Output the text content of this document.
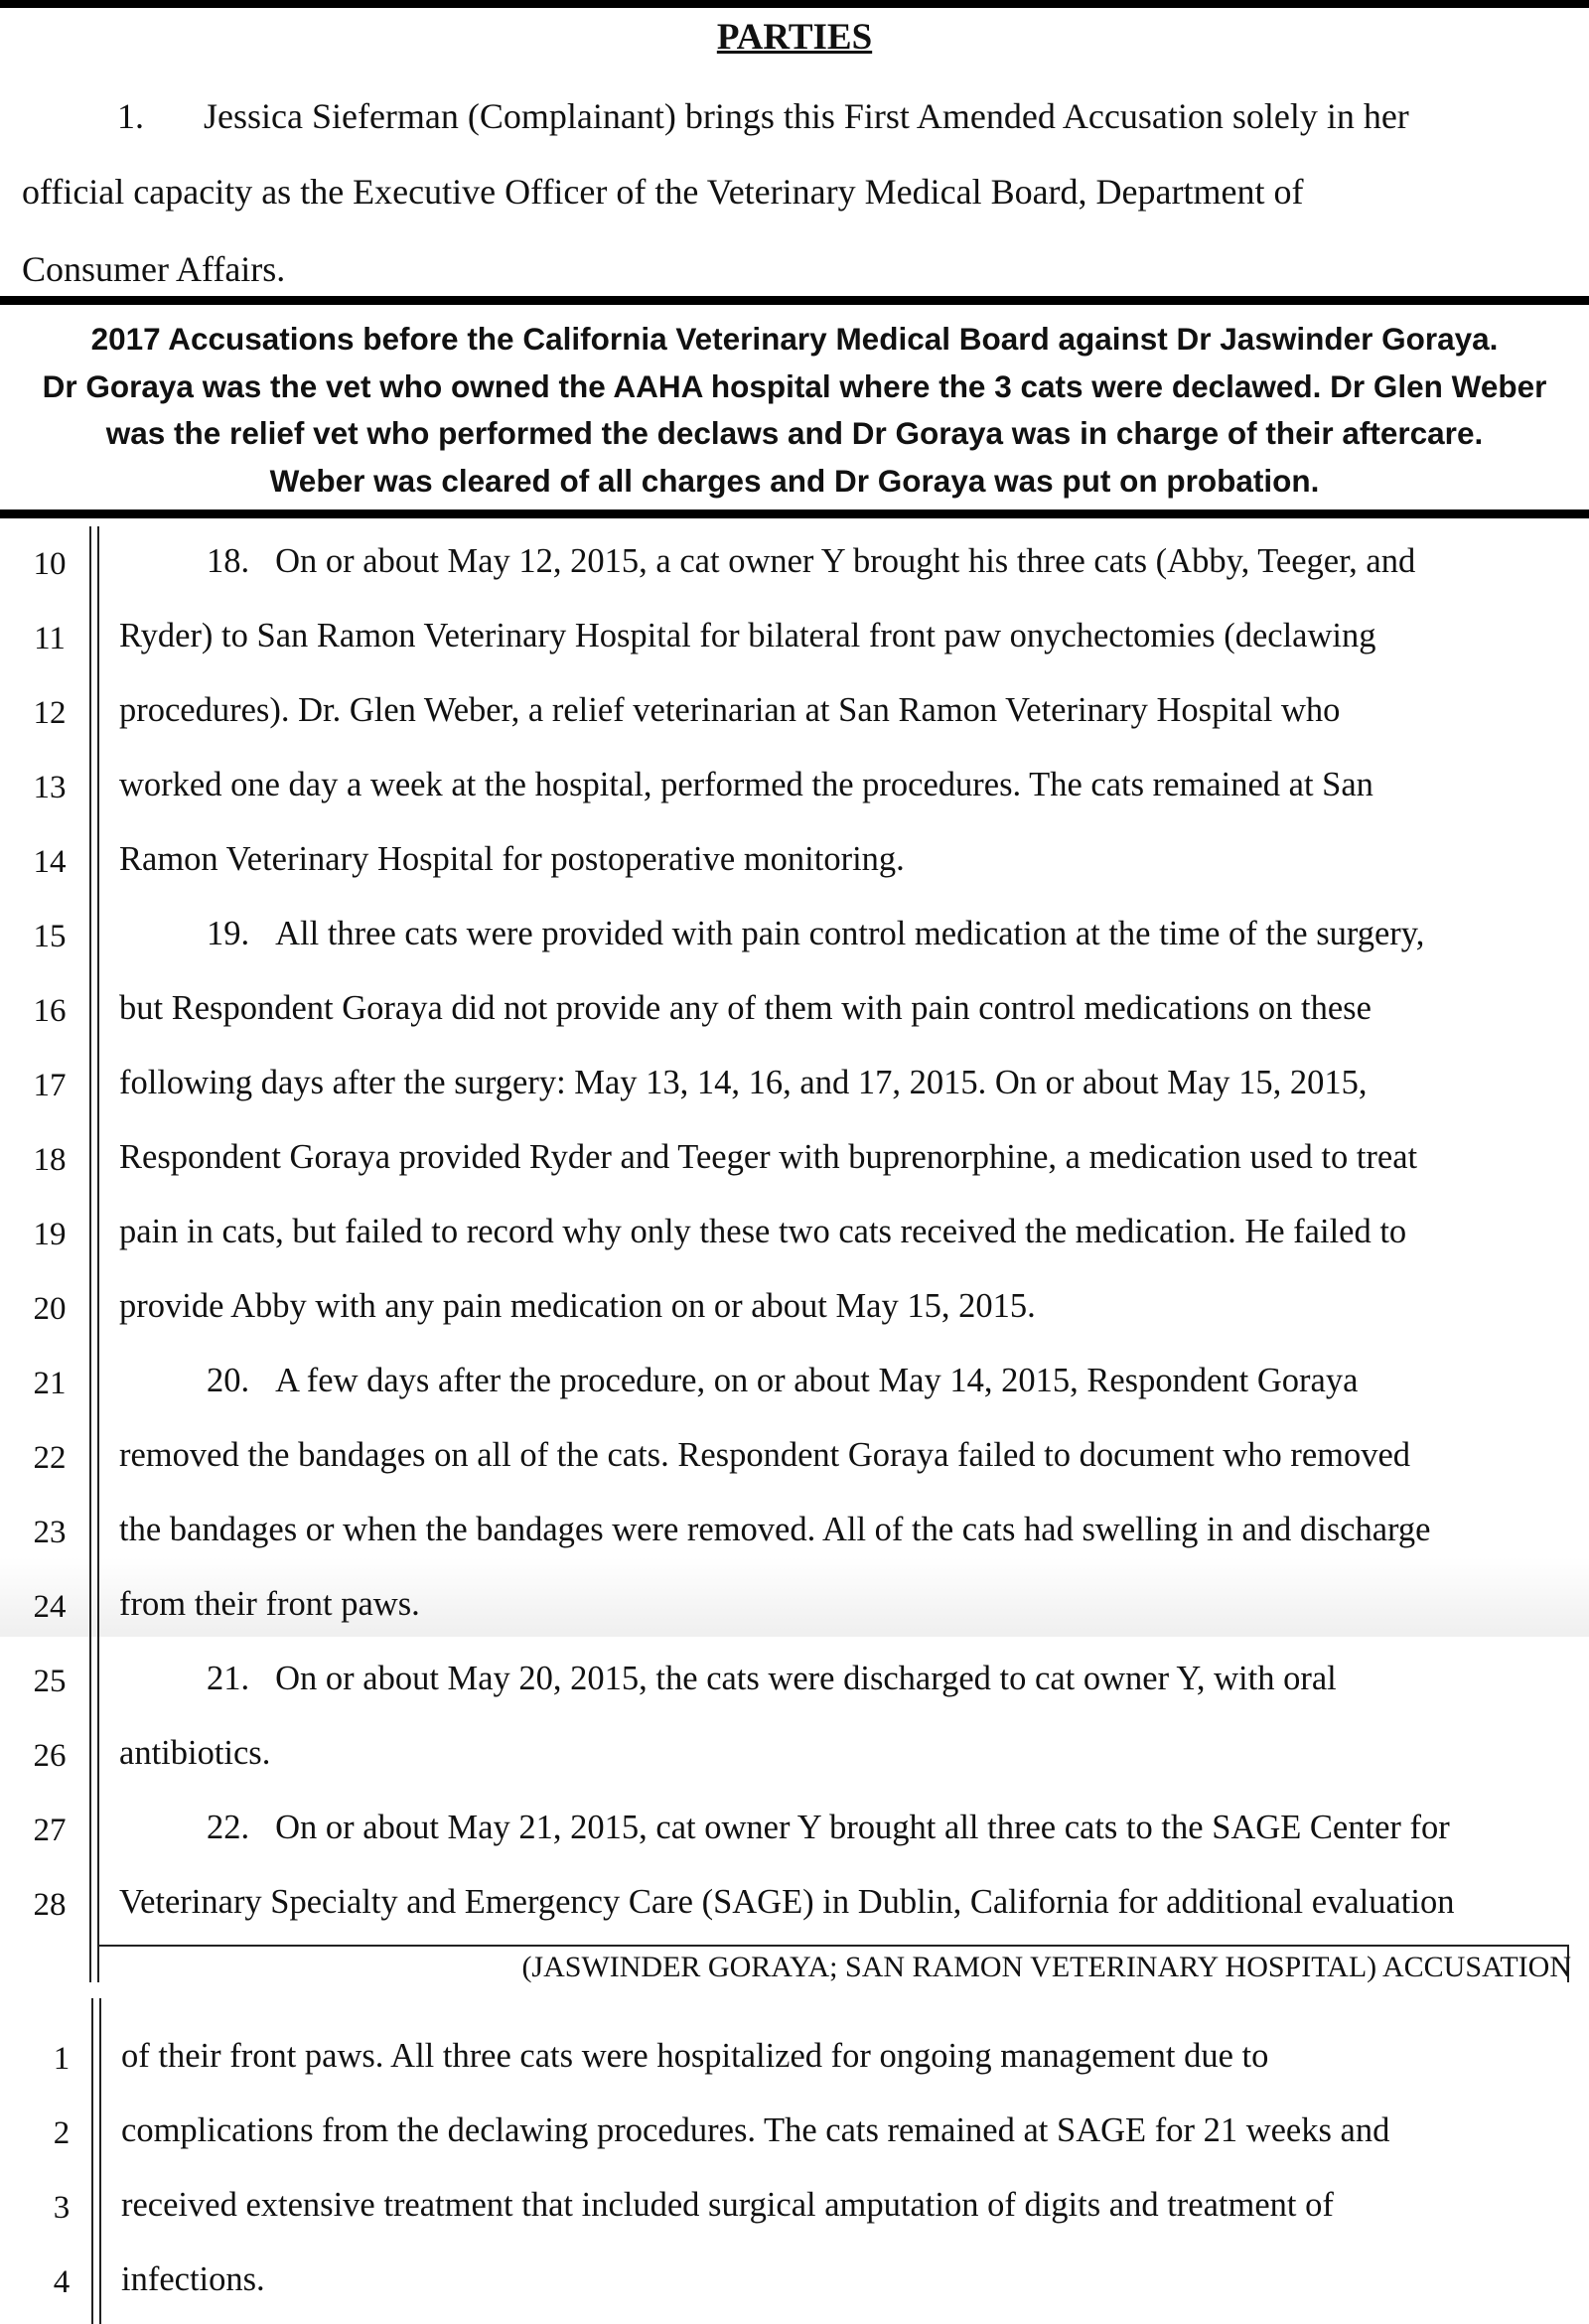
PARTIES
1. Jessica Sieferman (Complainant) brings this First Amended Accusation solely in her
official capacity as the Executive Officer of the Veterinary Medical Board, Department of
Consumer Affairs.
2017 Accusations before the California Veterinary Medical Board against Dr Jaswinder Goraya.
Dr Goraya was the vet who owned the AAHA hospital where the 3 cats were declawed. Dr Glen Weber
was the relief vet who performed the declaws and Dr Goraya was in charge of their aftercare.
Weber was cleared of all charges and Dr Goraya was put on probation.
(JASWINDER GORAYA; SAN RAMON VETERINARY HOSPITAL) ACCUSATION
10	18. On or about May 12, 2015, a cat owner Y brought his three cats (Abby, Teeger, and
11	Ryder) to San Ramon Veterinary Hospital for bilateral front paw onychectomies (declawing
12	procedures). Dr. Glen Weber, a relief veterinarian at San Ramon Veterinary Hospital who
13	worked one day a week at the hospital, performed the procedures. The cats remained at San
14	Ramon Veterinary Hospital for postoperative monitoring.
15	19. All three cats were provided with pain control medication at the time of the surgery,
16	but Respondent Goraya did not provide any of them with pain control medications on these
17	following days after the surgery: May 13, 14, 16, and 17, 2015. On or about May 15, 2015,
18	Respondent Goraya provided Ryder and Teeger with buprenorphine, a medication used to treat
19	pain in cats, but failed to record why only these two cats received the medication. He failed to
20	provide Abby with any pain medication on or about May 15, 2015.
21	20. A few days after the procedure, on or about May 14, 2015, Respondent Goraya
22	removed the bandages on all of the cats. Respondent Goraya failed to document who removed
23	the bandages or when the bandages were removed. All of the cats had swelling in and discharge
24	from their front paws.
25	21. On or about May 20, 2015, the cats were discharged to cat owner Y, with oral
26	antibiotics.
27	22. On or about May 21, 2015, cat owner Y brought all three cats to the SAGE Center for
28	Veterinary Specialty and Emergency Care (SAGE) in Dublin, California for additional evaluation
1	of their front paws. All three cats were hospitalized for ongoing management due to
2	complications from the declawing procedures. The cats remained at SAGE for 21 weeks and
3	received extensive treatment that included surgical amputation of digits and treatment of
4	infections.
